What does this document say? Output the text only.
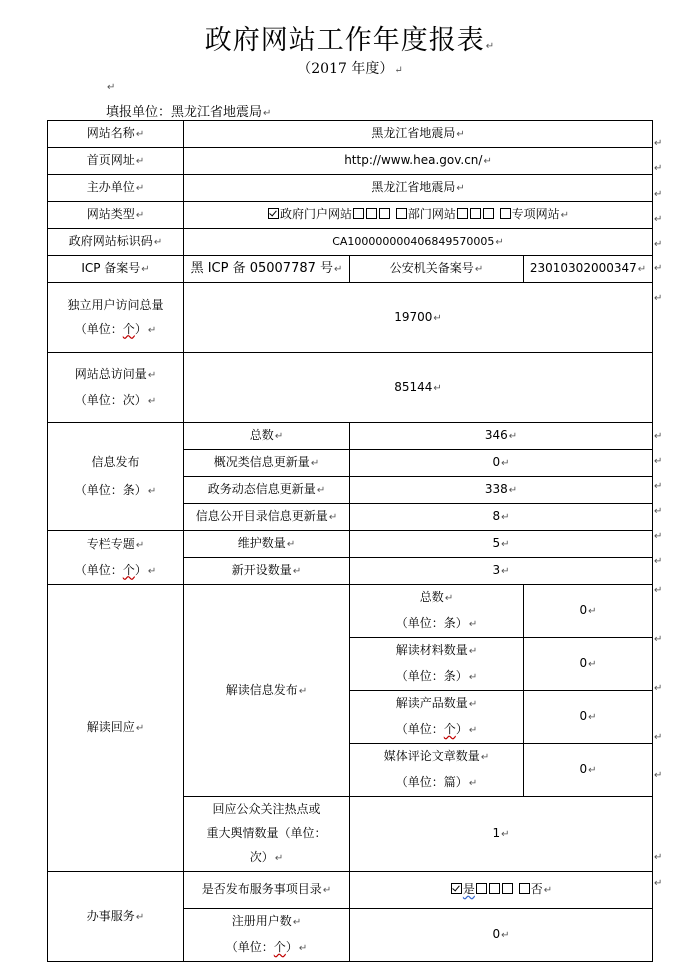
政府网站工作年度报表↵
（2017 年度）↵
↵
填报单位：黑龙江省地震局↵
网站名称↵	黑龙江省地震局↵		
首页网址↵	http://www.hea.gov.cn/↵		
主办单位↵	黑龙江省地震局↵		
网站类型↵	政府门户网站 部门网站 专项网站↵		
政府网站标识码↵	CA100000000406849570005↵		
ICP 备案号↵	黑 ICP 备 05007787 号↵	公安机关备案号↵	23010302000347↵

独立用户访问总量
（单位：个）↵	19700↵		

网站总访问量↵
（单位：次）↵	85144↵		

信息发布
（单位：条）↵	总数↵	346↵	
	概况类信息更新量↵	0↵	
	政务动态信息更新量↵	338↵	
	信息公开目录信息更新量↵	8↵	

专栏专题↵
（单位：个）↵	维护数量↵	5↵	
	新开设数量↵	3↵	
解读回应↵	解读信息发布↵	总数↵
（单位：条）↵	0↵

		解读材料数量↵
（单位：条）↵	0↵

		解读产品数量↵
（单位：个）↵	0↵

		媒体评论文章数量↵
（单位：篇）↵	0↵

	回应公众关注热点或
重大舆情数量（单位：
次）↵	1↵	
办事服务↵	是否发布服务事项目录↵	是 否↵	

	注册用户数↵
（单位：个）↵	0↵	
↵
↵
↵
↵
↵
↵
↵
↵
↵
↵
↵
↵
↵
↵
↵
↵
↵
↵
↵
↵
